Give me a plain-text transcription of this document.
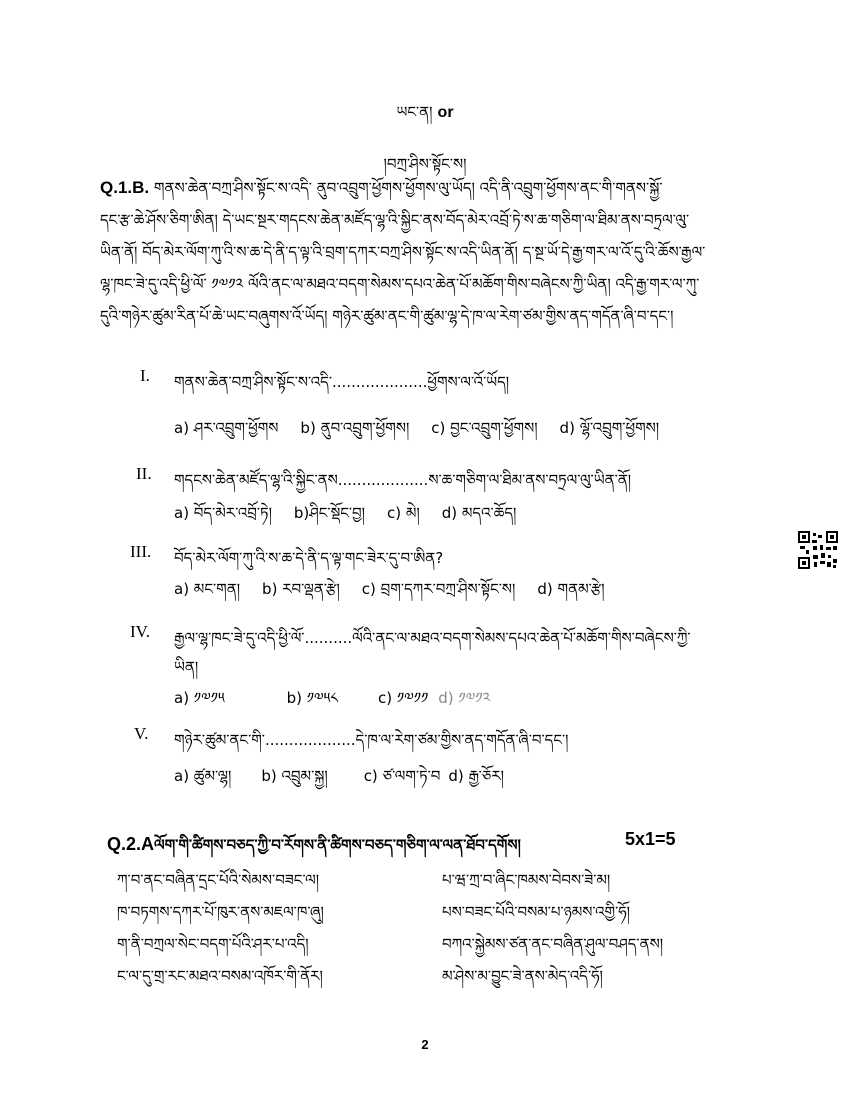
ཡང་ན། or
།བཀྲ་ཤིས་སྟོང་ས།

Q.1.B. གནས་ཆེན་བཀྲ་ཤིས་སྟོང་ས་འདི་ ནུབ་འབྲུག་ཕྱོགས་ཕྱོགས་ལུ་ཡོད། འདི་ནི་འབྲུག་ཕྱོགས་ནང་གི་གནས་སྐྱོ་

དང་རྩ་ཆེ་ཤོས་ཅིག་ཨིན། དེ་ཡང་སྔར་གདངས་ཆེན་མཛོད་ལྷ་འི་སྐྱིང་ནས་བོད་མེར་འབྲོ་ཏེ་ས་ཆ་གཅིག་ལ་ཐིམ་ནས་བཏྲལ་ལུ་

ཡིན་ནོ། བོད་མེར་ལོག་ཀུ་འི་ས་ཆ་དེ་ནི་ད་ལྟ་འི་བྲག་དཀར་བཀྲ་ཤིས་སྟོང་ས་འདི་ཡིན་ནོ། ད་སྔ་ཡོ་དེ་རྒྱ་གར་ལ་འོ་དུ་འི་ཆོས་རྒྱལ་

ལྷ་ཁང་ཟེ་དུ་འདི་ཕྱི་ལོ་ ༡༧༡༢ ལོའི་ནང་ལ་མཐའ་བདག་སེམས་དཔའ་ཆེན་པོ་མཆོག་གིས་བཞེངས་ཀྱི་ཡིན། འདི་རྒྱ་གར་ལ་ཀུ་

དུའི་གཉེར་ཚུམ་རིན་པོ་ཆེ་ཡང་བཞུགས་འོ་ཡོད། གཉེར་ཚུམ་ནང་གི་ཚུམ་ལྷ་དེ་ཁ་ལ་རེག་ཙམ་གྱིས་ནད་གདོན་ཞི་བ་དང་།

I. གནས་ཆེན་བཀྲ་ཤིས་སྟོང་ས་འདི་....................ཕྱོགས་ལ་འོ་ཡོད།
a) ཤར་འབྲུག་ཕྱོགས b) ནུབ་འབྲུག་ཕྱོགས། c) བྱང་འབྲུག་ཕྱོགས། d) ལྷོ་འབྲུག་ཕྱོགས།
II. གདངས་ཆེན་མཛོད་ལྷ་འི་སྐྱིང་ནས...................ས་ཆ་གཅིག་ལ་ཐིམ་ནས་བཏྲལ་ལུ་ཡིན་ནོ།
a) བོད་མེར་འབྲོ་ཏེ། b)ཤིང་སྡོང་བྱ། c) མེ། d) མདའ་ཆོད།
III. བོད་མེར་ལོག་ཀུ་འི་ས་ཆ་དེ་ནི་ད་ལྟ་གང་ཟེར་དུ་བ་ཨིན?
a) མང་གན། b) རབ་ལྡན་རྩེ། c) བྲག་དཀར་བཀྲ་ཤིས་སྟོང་ས། d) གནམ་རྩེ།
IV. རྒྱལ་ལྷ་ཁང་ཟེ་དུ་འདི་ཕྱི་ལོ་..........ལོའི་ནང་ལ་མཐའ་བདག་སེམས་དཔའ་ཆེན་པོ་མཆོག་གིས་བཞེངས་ཀྱི་
ཡིན།
a) ༡༧༡༥	b) ༡༧༥༨	c) ༡༧༡༡ d) ༡༧༡༢
V. གཉེར་ཚུམ་ནང་གི་...................དེ་ཁ་ལ་རེག་ཙམ་གྱིས་ནད་གདོན་ཞི་བ་དང་།
a) ཚུམ་ལྷ། b) འབྲུམ་སྐྱ། c) ཙ་ལག་ཏེ་བ d) རྒྱ་ཅོར།
Q.2.Aལོག་གི་ཚིགས་བཅད་ཀྱི་བ་རོགས་ནི་ཚིགས་བཅད་གཅིག་ལ་ལན་ཐོབ་དགོས།	5x1=5
ཀ་བ་ནང་བཞིན་དྲང་པོའི་སེམས་བཟང་ལ།	པ་ཝ་ཀྲ་བ་ཞིང་ཁམས་བེབས་ཟེ་མ།
ཁ་བཏགས་དཀར་པོ་ཁུར་ནས་མཇལ་ཁ་ཞུ།	པས་བཟང་པོའི་བསམ་པ་ཉམས་འགྱི་ཧོ།
ག་ནི་བཀྲལ་སེང་བདག་པོའི་ཤར་པ་འདི།	བཀའ་སྐྱེམས་ཙན་ནང་བཞིན་ཤུལ་བཤད་ནས།
ང་ལ་དུ་གྲ་རང་མཐའ་བསམ་འཁོར་གི་ནོར།	མ་ཤེས་མ་བྱུང་ཟེ་ནས་མེད་འདི་ཧོ།
2
